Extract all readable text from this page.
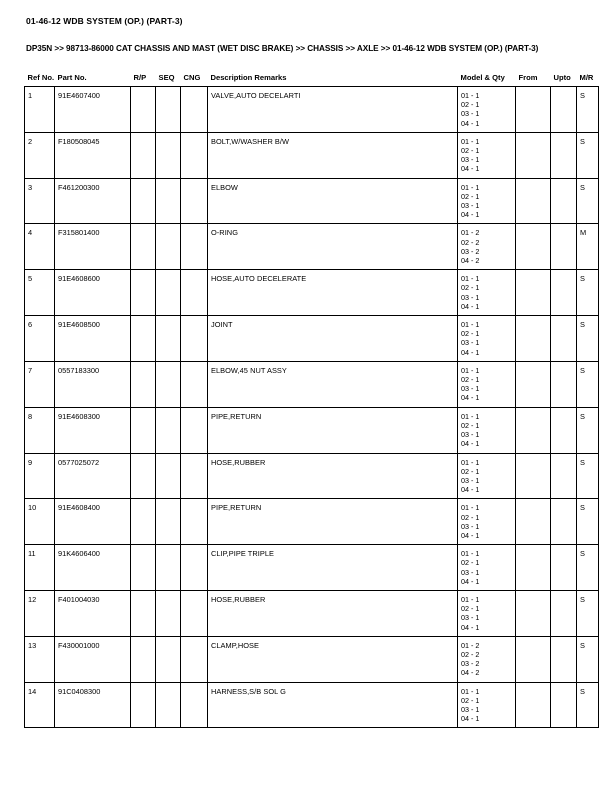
01-46-12 WDB SYSTEM (OP.) (PART-3)
DP35N >> 98713-86000 CAT CHASSIS AND MAST (WET DISC BRAKE) >> CHASSIS >> AXLE >> 01-46-12 WDB SYSTEM (OP.) (PART-3)
Ref No.	Part No.	R/P	SEQ	CNG	Description Remarks	Model & Qty	From	Upto	M/R
1	91E4607400				VALVE,AUTO DECELARTI	01 - 1
02 - 1
03 - 1
04 - 1			S
2	F180508045				BOLT,W/WASHER B/W	01 - 1
02 - 1
03 - 1
04 - 1			S
3	F461200300				ELBOW	01 - 1
02 - 1
03 - 1
04 - 1			S
4	F315801400				O-RING	01 - 2
02 - 2
03 - 2
04 - 2			M
5	91E4608600				HOSE,AUTO DECELERATE	01 - 1
02 - 1
03 - 1
04 - 1			S
6	91E4608500				JOINT	01 - 1
02 - 1
03 - 1
04 - 1			S
7	0557183300				ELBOW,45 NUT ASSY	01 - 1
02 - 1
03 - 1
04 - 1			S
8	91E4608300				PIPE,RETURN	01 - 1
02 - 1
03 - 1
04 - 1			S
9	0577025072				HOSE,RUBBER	01 - 1
02 - 1
03 - 1
04 - 1			S
10	91E4608400				PIPE,RETURN	01 - 1
02 - 1
03 - 1
04 - 1			S
11	91K4606400				CLIP,PIPE TRIPLE	01 - 1
02 - 1
03 - 1
04 - 1			S
12	F401004030				HOSE,RUBBER	01 - 1
02 - 1
03 - 1
04 - 1			S
13	F430001000				CLAMP,HOSE	01 - 2
02 - 2
03 - 2
04 - 2			S
14	91C0408300				HARNESS,S/B SOL G	01 - 1
02 - 1
03 - 1
04 - 1			S
